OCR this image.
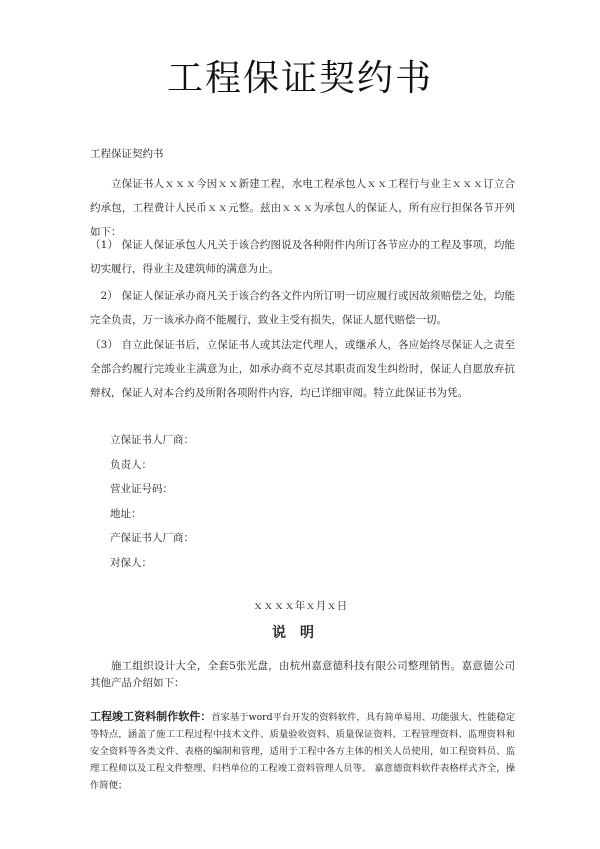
工程保证契约书
工程保证契约书

立保证书人ｘｘｘ今因ｘｘ新建工程，水电工程承包人ｘｘ工程行与业主ｘｘｘ订立合约承包，工程费计人民币ｘｘ元整。兹由ｘｘｘ为承包人的保证人，所有应行担保各节开列如下：

（1） 保证人保证承包人凡关于该合约图说及各种附件内所订各节应办的工程及事项，均能切实履行，得业主及建筑师的满意为止。

2） 保证人保证承办商凡关于该合约各文件内所订明一切应履行或因故须赔偿之处，均能完全负责，万一该承办商不能履行，致业主受有损失，保证人愿代赔偿一切。

（3） 自立此保证书后，立保证书人或其法定代理人，或继承人，各应始终尽保证人之责至全部合约履行完竣业主满意为止，如承办商不克尽其职责而发生纠纷时，保证人自愿放弃抗辩权，保证人对本合约及所附各项附件内容，均已详细审阅。特立此保证书为凭。

立保证书人厂商：
负责人：
营业证号码：
地址：
产保证书人厂商：
对保人：
ｘｘｘｘ年ｘ月ｘ日
说明
施工组织设计大全，全套5张光盘，由杭州嘉意德科技有限公司整理销售。嘉意德公司其他产品介绍如下：
工程竣工资料制作软件：首家基于word平台开发的资料软件，具有简单易用、功能强大、性能稳定等特点，涵盖了施工工程过程中技术文件、质量验收资料、质量保证资料、工程管理资料、监理资料和安全资料等各类文件、表格的编制和管理，适用于工程中各方主体的相关人员使用，如工程资料员、监理工程师以及工程文件整理、归档单位的工程竣工资料管理人员等。 嘉意德资料软件表格样式齐全，操作简便；
